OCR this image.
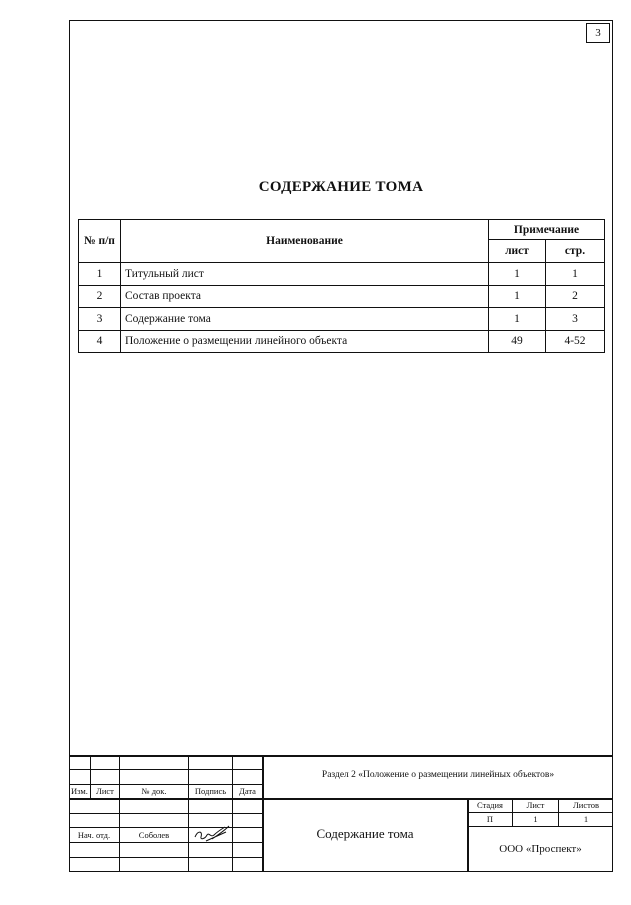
3
СОДЕРЖАНИЕ ТОМА
№ п/п	Наименование	Примечание	
		лист	стр.
1	Титульный лист	1	1
2	Состав проекта	1	2
3	Содержание тома	1	3
4	Положение о размещении линейного объекта	49	4-52
Изм. Лист	№ док.	Подпись	Дата
Нач. отд.	Соболев
Раздел 2 «Положение о размещении линейных объектов»
Содержание тома
Стадия	Лист	Листов
П	1	1
ООО «Проспект»
